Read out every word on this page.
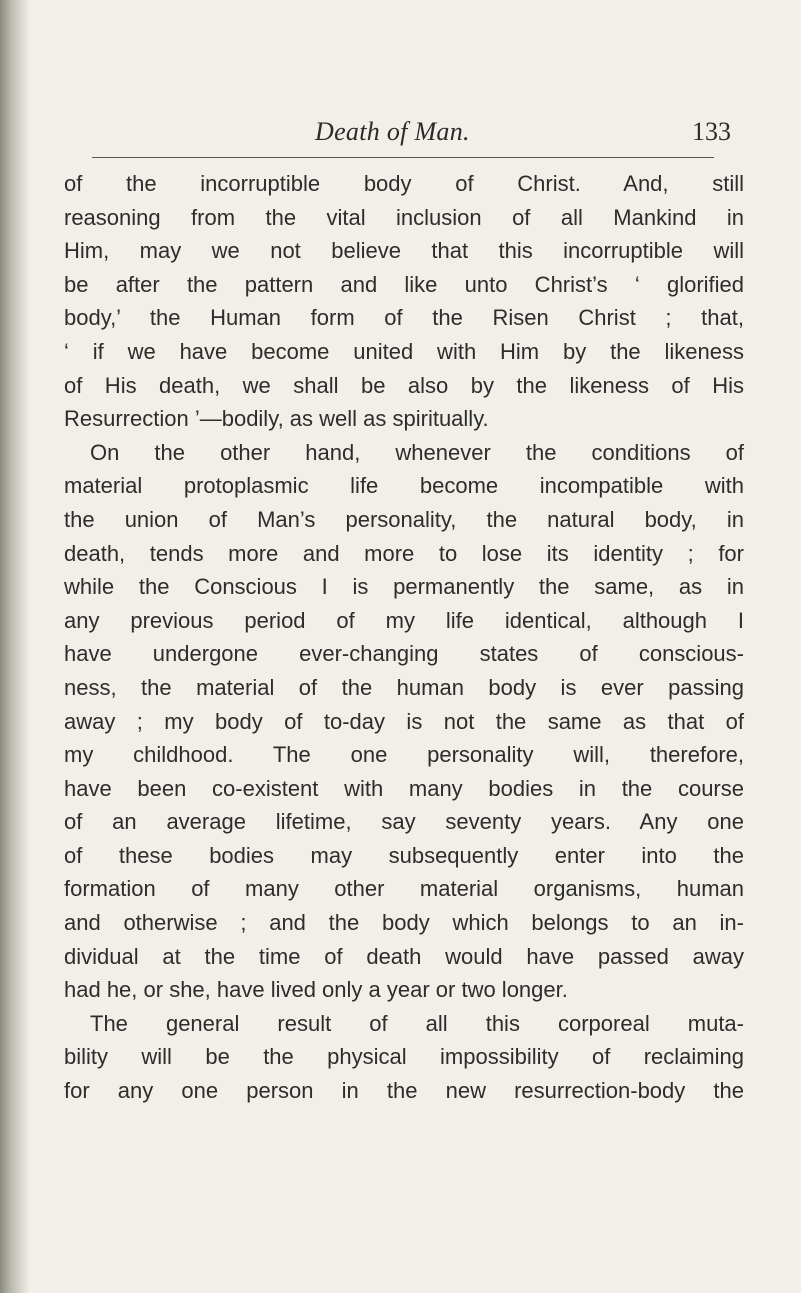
Death of Man.	133
of the incorruptible body of Christ. And, still
reasoning from the vital inclusion of all Mankind in
Him, may we not believe that this incorruptible will
be after the pattern and like unto Christ’s ‘ glorified
body,’ the Human form of the Risen Christ ; that,
‘ if we have become united with Him by the likeness
of His death, we shall be also by the likeness of His
Resurrection ’—bodily, as well as spiritually.
On the other hand, whenever the conditions of
material protoplasmic life become incompatible with
the union of Man’s personality, the natural body, in
death, tends more and more to lose its identity ; for
while the Conscious I is permanently the same, as in
any previous period of my life identical, although I
have undergone ever-changing states of conscious-
ness, the material of the human body is ever passing
away ; my body of to-day is not the same as that of
my childhood. The one personality will, therefore,
have been co-existent with many bodies in the course
of an average lifetime, say seventy years. Any one
of these bodies may subsequently enter into the
formation of many other material organisms, human
and otherwise ; and the body which belongs to an in-
dividual at the time of death would have passed away
had he, or she, have lived only a year or two longer.
The general result of all this corporeal muta-
bility will be the physical impossibility of reclaiming
for any one person in the new resurrection-body the
